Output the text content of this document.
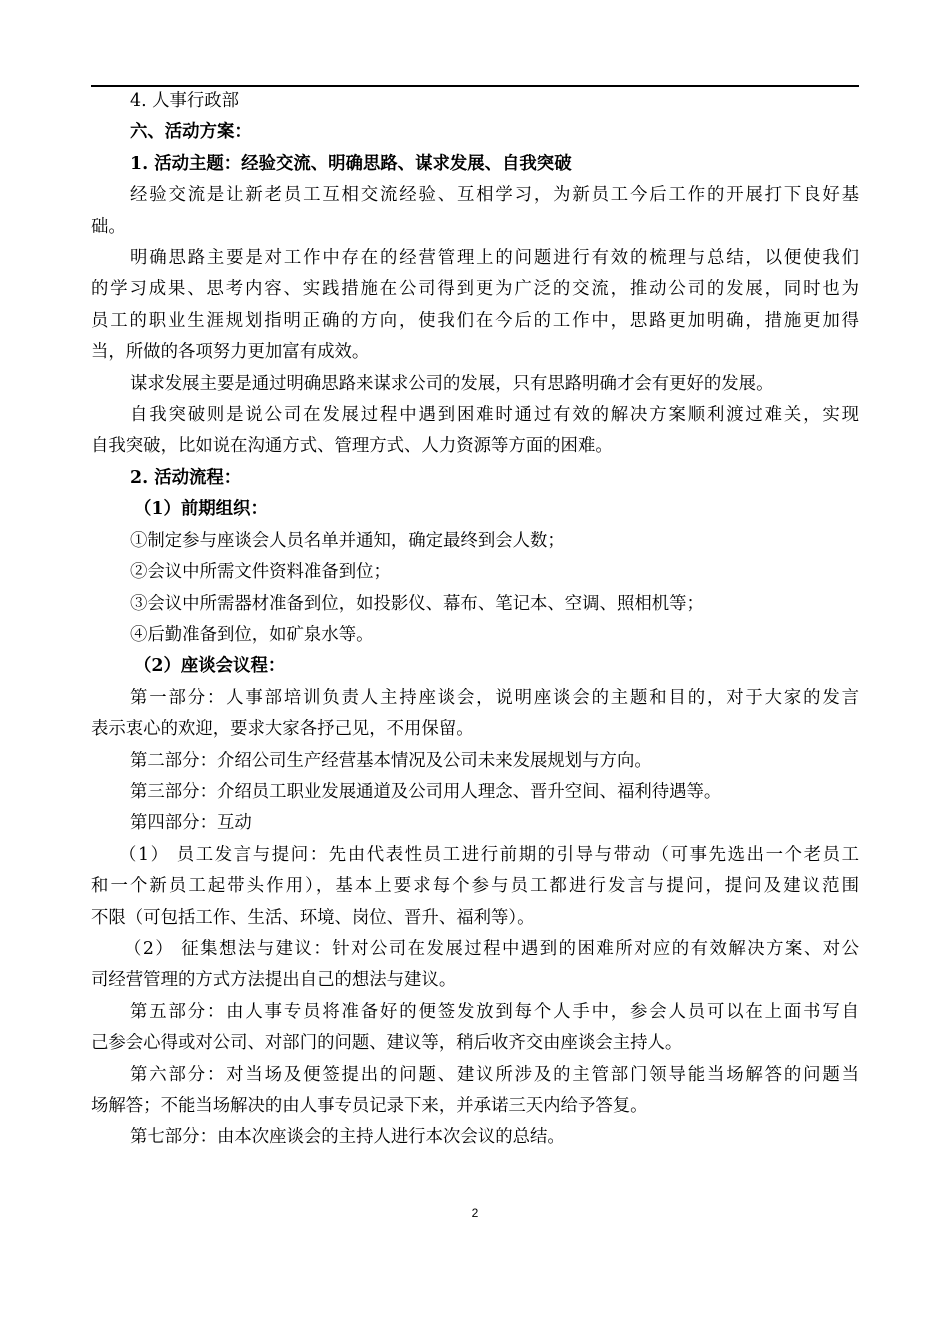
4. 人事行政部

六、活动方案：

1. 活动主题：经验交流、明确思路、谋求发展、自我突破

经验交流是让新老员工互相交流经验、互相学习，为新员工今后工作的开展打下良好基

础。

明确思路主要是对工作中存在的经营管理上的问题进行有效的梳理与总结，以便使我们

的学习成果、思考内容、实践措施在公司得到更为广泛的交流，推动公司的发展，同时也为

员工的职业生涯规划指明正确的方向，使我们在今后的工作中，思路更加明确，措施更加得

当，所做的各项努力更加富有成效。

谋求发展主要是通过明确思路来谋求公司的发展，只有思路明确才会有更好的发展。

自我突破则是说公司在发展过程中遇到困难时通过有效的解决方案顺利渡过难关，实现

自我突破，比如说在沟通方式、管理方式、人力资源等方面的困难。

2. 活动流程：

（1）前期组织：

①制定参与座谈会人员名单并通知，确定最终到会人数；

②会议中所需文件资料准备到位；

③会议中所需器材准备到位，如投影仪、幕布、笔记本、空调、照相机等；

④后勤准备到位，如矿泉水等。

（2）座谈会议程：

第一部分：人事部培训负责人主持座谈会，说明座谈会的主题和目的，对于大家的发言

表示衷心的欢迎，要求大家各抒己见，不用保留。

第二部分：介绍公司生产经营基本情况及公司未来发展规划与方向。

第三部分：介绍员工职业发展通道及公司用人理念、晋升空间、福利待遇等。

第四部分：互动

（1） 员工发言与提问：先由代表性员工进行前期的引导与带动（可事先选出一个老员工

和一个新员工起带头作用），基本上要求每个参与员工都进行发言与提问，提问及建议范围

不限（可包括工作、生活、环境、岗位、晋升、福利等）。

（2） 征集想法与建议：针对公司在发展过程中遇到的困难所对应的有效解决方案、对公

司经营管理的方式方法提出自己的想法与建议。

第五部分：由人事专员将准备好的便签发放到每个人手中，参会人员可以在上面书写自

己参会心得或对公司、对部门的问题、建议等，稍后收齐交由座谈会主持人。

第六部分：对当场及便签提出的问题、建议所涉及的主管部门领导能当场解答的问题当

场解答；不能当场解决的由人事专员记录下来，并承诺三天内给予答复。

第七部分：由本次座谈会的主持人进行本次会议的总结。

2
